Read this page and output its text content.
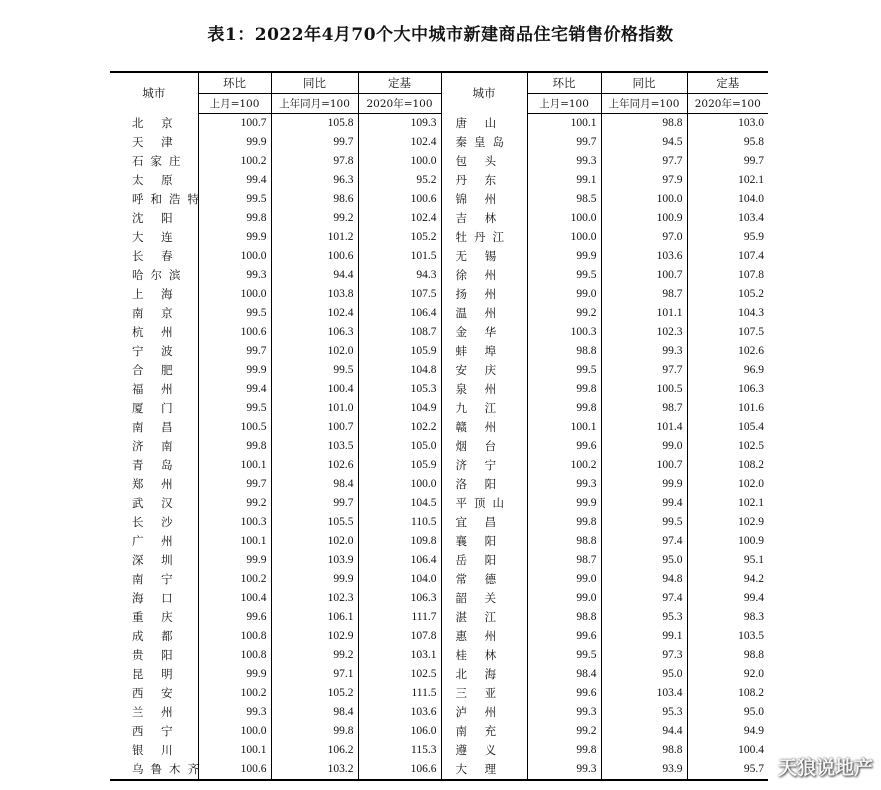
表1：2022年4月70个大中城市新建商品住宅销售价格指数
城市	环比	同比	定基	城市	环比	同比	定基
	上月=100	上年同月=100	2020年=100		上月=100	上年同月=100	2020年=100
北 京	100.7	105.8	109.3	唐 山	100.1	98.8	103.0
天 津	99.9	99.7	102.4	秦皇岛	99.7	94.5	95.8
石家庄	100.2	97.8	100.0	包 头	99.3	97.7	99.7
太 原	99.4	96.3	95.2	丹 东	99.1	97.9	102.1
呼和浩特	99.5	98.6	100.6	锦 州	98.5	100.0	104.0
沈 阳	99.8	99.2	102.4	吉 林	100.0	100.9	103.4
大 连	99.9	101.2	105.2	牡丹江	100.0	97.0	95.9
长 春	100.0	100.6	101.5	无 锡	99.9	103.6	107.4
哈尔滨	99.3	94.4	94.3	徐 州	99.5	100.7	107.8
上 海	100.0	103.8	107.5	扬 州	99.0	98.7	105.2
南 京	99.5	102.4	106.4	温 州	99.2	101.1	104.3
杭 州	100.6	106.3	108.7	金 华	100.3	102.3	107.5
宁 波	99.7	102.0	105.9	蚌 埠	98.8	99.3	102.6
合 肥	99.9	99.5	104.8	安 庆	99.5	97.7	96.9
福 州	99.4	100.4	105.3	泉 州	99.8	100.5	106.3
厦 门	99.5	101.0	104.9	九 江	99.8	98.7	101.6
南 昌	100.5	100.7	102.2	赣 州	100.1	101.4	105.4
济 南	99.8	103.5	105.0	烟 台	99.6	99.0	102.5
青 岛	100.1	102.6	105.9	济 宁	100.2	100.7	108.2
郑 州	99.7	98.4	100.0	洛 阳	99.3	99.9	102.0
武 汉	99.2	99.7	104.5	平顶山	99.9	99.4	102.1
长 沙	100.3	105.5	110.5	宜 昌	99.8	99.5	102.9
广 州	100.1	102.0	109.8	襄 阳	98.8	97.4	100.9
深 圳	99.9	103.9	106.4	岳 阳	98.7	95.0	95.1
南 宁	100.2	99.9	104.0	常 德	99.0	94.8	94.2
海 口	100.4	102.3	106.3	韶 关	99.0	97.4	99.4
重 庆	99.6	106.1	111.7	湛 江	98.8	95.3	98.3
成 都	100.8	102.9	107.8	惠 州	99.6	99.1	103.5
贵 阳	100.8	99.2	103.1	桂 林	99.5	97.3	98.8
昆 明	99.9	97.1	102.5	北 海	98.4	95.0	92.0
西 安	100.2	105.2	111.5	三 亚	99.6	103.4	108.2
兰 州	99.3	98.4	103.6	泸 州	99.3	95.3	95.0
西 宁	100.0	99.8	106.0	南 充	99.2	94.4	94.9
银 川	100.1	106.2	115.3	遵 义	99.8	98.8	100.4
乌鲁木齐	100.6	103.2	106.6	大 理	99.3	93.9	95.7 天狼说地产
